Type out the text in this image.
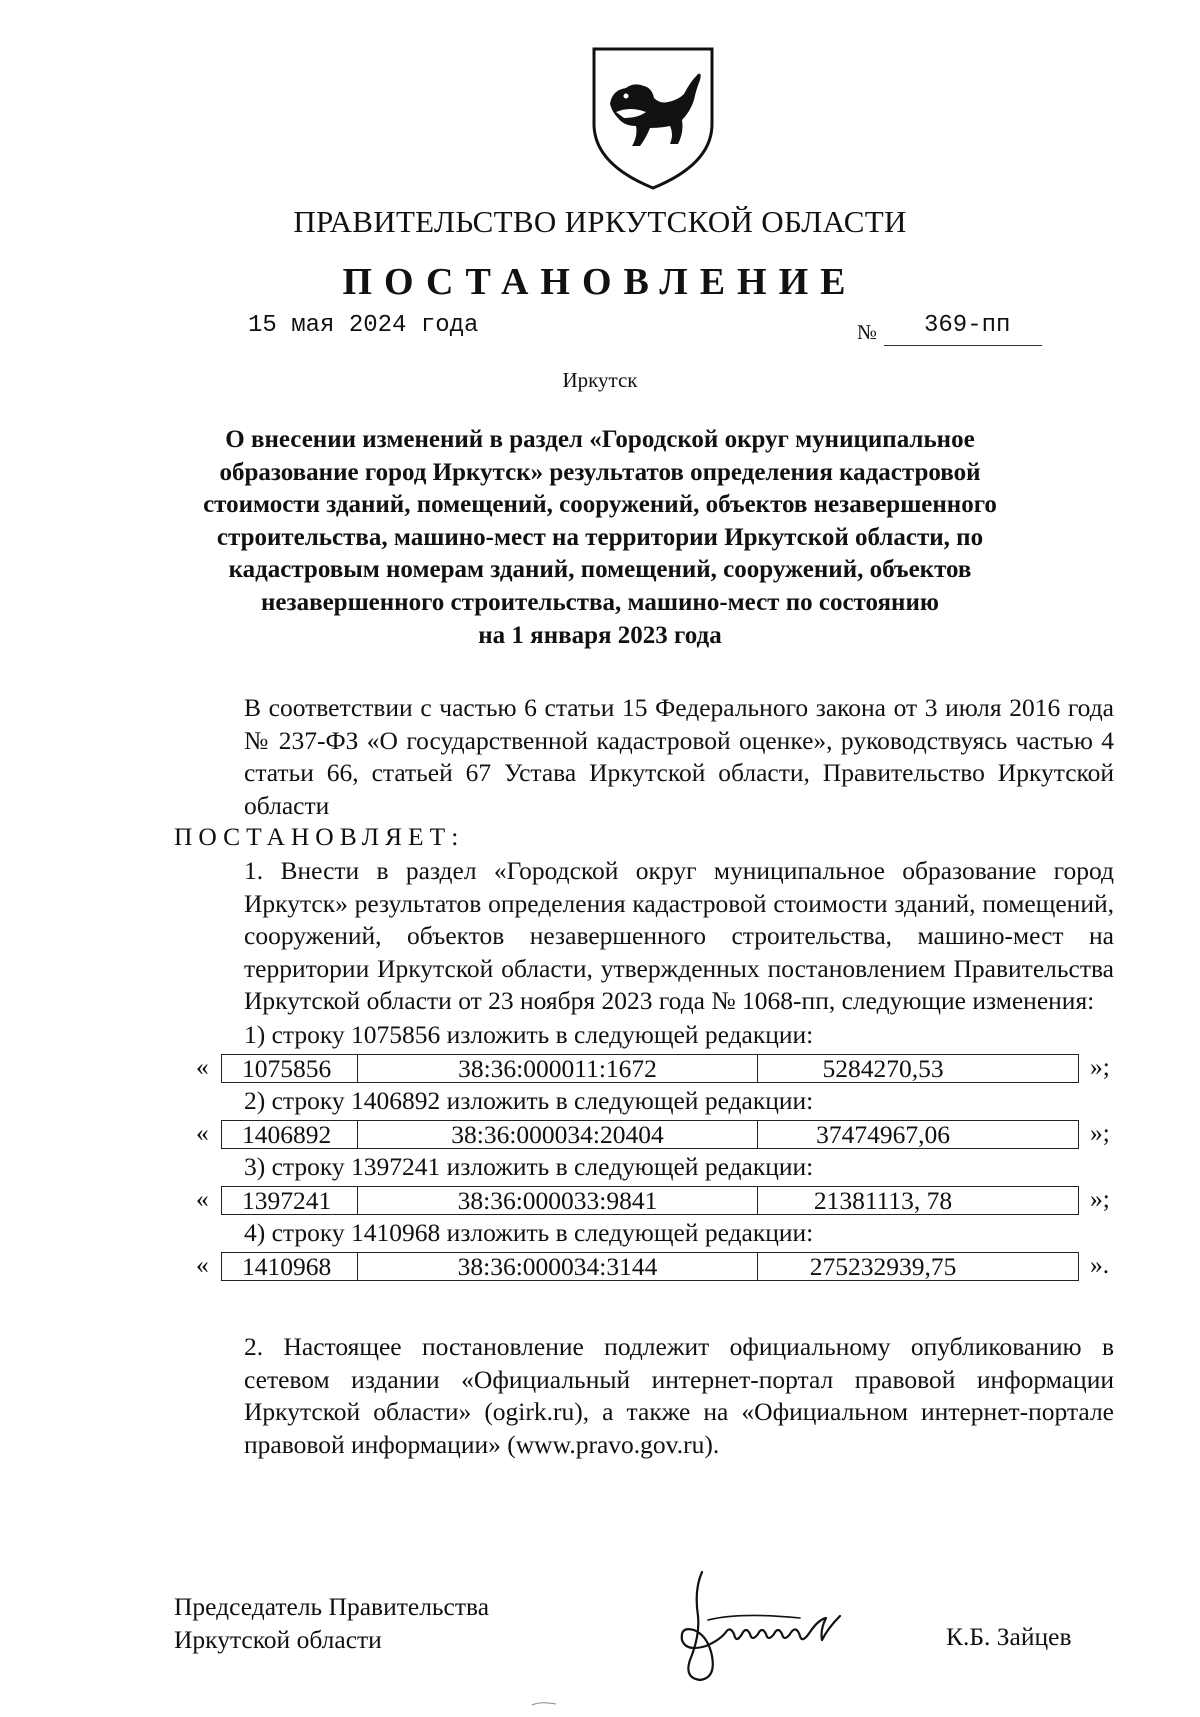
ПРАВИТЕЛЬСТВО ИРКУТСКОЙ ОБЛАСТИ
ПОСТАНОВЛЕНИЕ
15 мая 2024 года	№ 369-пп
Иркутск
О внесении изменений в раздел «Городской округ муниципальное
образование город Иркутск» результатов определения кадастровой
стоимости зданий, помещений, сооружений, объектов незавершенного
строительства, машино-мест на территории Иркутской области, по
кадастровым номерам зданий, помещений, сооружений, объектов
незавершенного строительства, машино-мест по состоянию
на 1 января 2023 года
В соответствии с частью 6 статьи 15 Федерального закона от 3 июля 2016 года № 237-ФЗ «О государственной кадастровой оценке», руководствуясь частью 4 статьи 66, статьей 67 Устава Иркутской области, Правительство Иркутской области
ПОСТАНОВЛЯЕТ:
1. Внести в раздел «Городской округ муниципальное образование город Иркутск» результатов определения кадастровой стоимости зданий, помещений, сооружений, объектов незавершенного строительства, машино-мест на территории Иркутской области, утвержденных постановлением Правительства Иркутской области от 23 ноября 2023 года № 1068-пп, следующие изменения:
1) строку 1075856 изложить в следующей редакции:
«	1075856	38:36:000011:1672	5284270,53	»;
2) строку 1406892 изложить в следующей редакции:
«	1406892	38:36:000034:20404	37474967,06	»;
3) строку 1397241 изложить в следующей редакции:
«	1397241	38:36:000033:9841	21381113, 78	»;
4) строку 1410968 изложить в следующей редакции:
«	1410968	38:36:000034:3144	275232939,75	».
2. Настоящее постановление подлежит официальному опубликованию в сетевом издании «Официальный интернет-портал правовой информации Иркутской области» (ogirk.ru), а также на «Официальном интернет-портале правовой информации» (www.pravo.gov.ru).
Председатель Правительства
Иркутской области	К.Б. Зайцев
